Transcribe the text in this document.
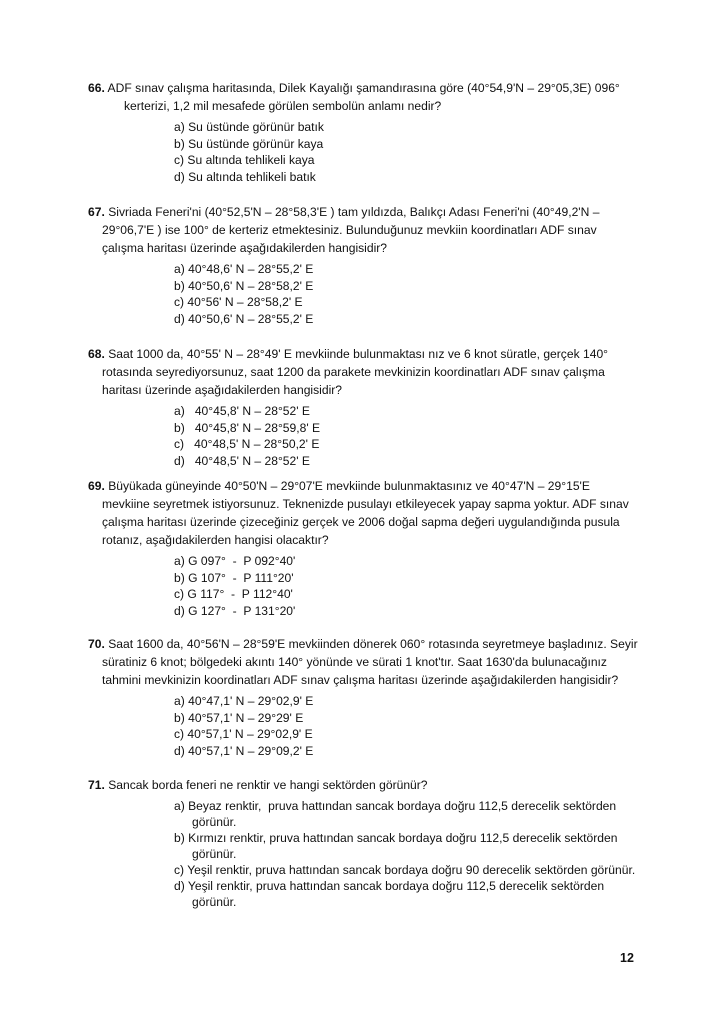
66. ADF sınav çalışma haritasında, Dilek Kayalığı şamandırasına göre (40°54,9'N – 29°05,3E) 096°

kerterizi, 1,2 mil mesafede görülen sembolün anlamı nedir?

a) Su üstünde görünür batık
b) Su üstünde görünür kaya
c) Su altında tehlikeli kaya
d) Su altında tehlikeli batık

67. Sivriada Feneri'ni (40°52,5'N – 28°58,3'E ) tam yıldızda, Balıkçı Adası Feneri'ni (40°49,2'N –

29°06,7'E ) ise 100° de kerteriz etmektesiniz. Bulunduğunuz mevkiin koordinatları ADF sınav

çalışma haritası üzerinde aşağıdakilerden hangisidir?

a) 40°48,6' N – 28°55,2' E
b) 40°50,6' N – 28°58,2' E
c) 40°56' N – 28°58,2' E
d) 40°50,6' N – 28°55,2' E

68. Saat 1000 da, 40°55' N – 28°49' E mevkiinde bulunmaktası nız ve 6 knot süratle, gerçek 140°

rotasında seyrediyorsunuz, saat 1200 da parakete mevkinizin koordinatları ADF sınav çalışma

haritası üzerinde aşağıdakilerden hangisidir?

a)   40°45,8' N – 28°52' E
b)   40°45,8' N – 28°59,8' E
c)   40°48,5' N – 28°50,2' E
d)   40°48,5' N – 28°52' E

69. Büyükada güneyinde 40°50'N – 29°07'E mevkiinde bulunmaktasınız ve 40°47'N – 29°15'E

mevkiine seyretmek istiyorsunuz. Teknenizde pusulayı etkileyecek yapay sapma yoktur. ADF sınav

çalışma haritası üzerinde çizeceğiniz gerçek ve 2006 doğal sapma değeri uygulandığında pusula

rotanız, aşağıdakilerden hangisi olacaktır?

a) G 097°  -  P 092°40'
b) G 107°  -  P 111°20'
c) G 117°  -  P 112°40'
d) G 127°  -  P 131°20'

70. Saat 1600 da, 40°56'N – 28°59'E mevkiinden dönerek 060° rotasında seyretmeye başladınız. Seyir

süratiniz 6 knot; bölgedeki akıntı 140° yönünde ve sürati 1 knot'tır. Saat 1630'da bulunacağınız

tahmini mevkinizin koordinatları ADF sınav çalışma haritası üzerinde aşağıdakilerden hangisidir?

a) 40°47,1' N – 29°02,9' E
b) 40°57,1' N – 29°29' E
c) 40°57,1' N – 29°02,9' E
d) 40°57,1' N – 29°09,2' E

71. Sancak borda feneri ne renktir ve hangi sektörden görünür?

a) Beyaz renktir,  pruva hattından sancak bordaya doğru 112,5 derecelik sektörden
görünür.
b) Kırmızı renktir, pruva hattından sancak bordaya doğru 112,5 derecelik sektörden
görünür.
c) Yeşil renktir, pruva hattından sancak bordaya doğru 90 derecelik sektörden görünür.
d) Yeşil renktir, pruva hattından sancak bordaya doğru 112,5 derecelik sektörden
görünür.
12
